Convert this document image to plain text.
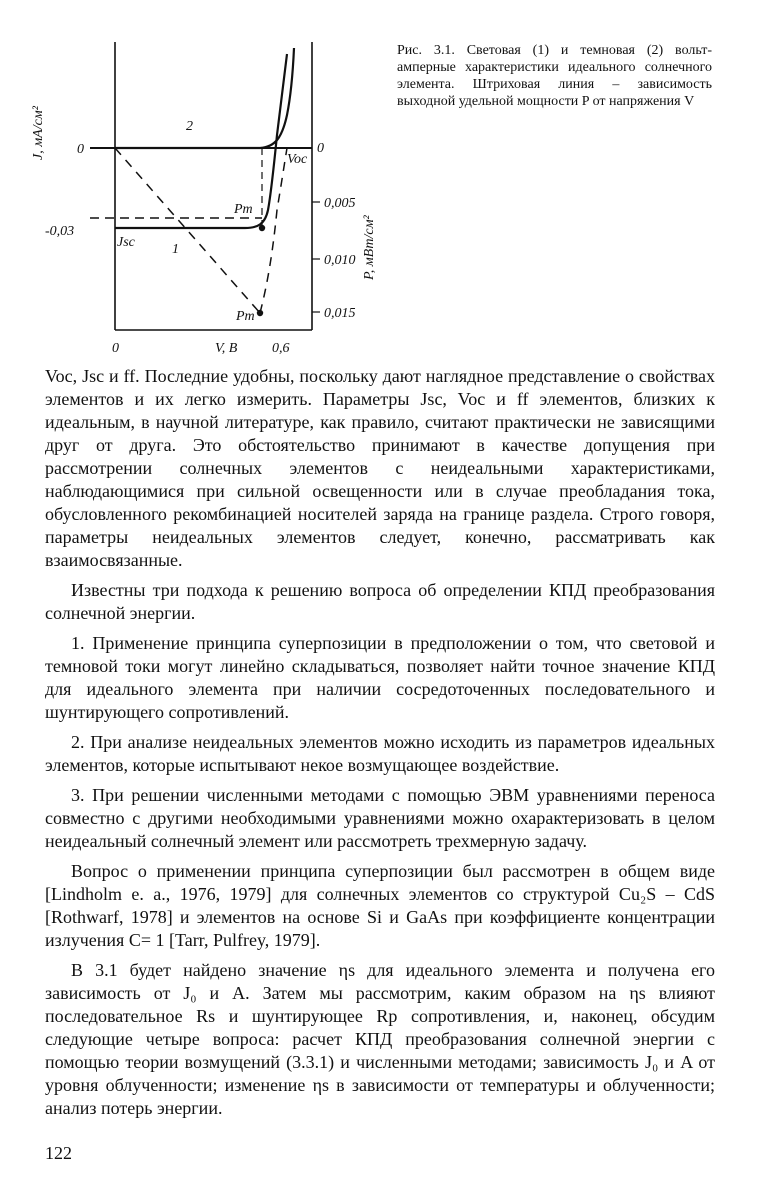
J, мА/см²
P, мВт/см²
V, В
0	0
-0,03
Jsc
Voc
Pm
Pm
1
2
0,005
0,010
0,015
0	0,6
Рис. 3.1. Световая (1) и темновая (2) вольт-амперные характеристики идеального солнечного элемента. Штриховая линия – зависимость выходной удельной мощности P от напряжения V

Voc, Jsc и ff. Последние удобны, поскольку дают наглядное представление о свойствах элементов и их легко измерить. Параметры Jsc, Voc и ff элементов, близких к идеальным, в научной литературе, как правило, считают практически не зависящими друг от друга. Это обстоятельство принимают в качестве допущения при рассмотрении солнечных элементов с неидеальными характеристиками, наблюдающимися при сильной освещенности или в случае преобладания тока, обусловленного рекомбинацией носителей заряда на границе раздела. Строго говоря, параметры неидеальных элементов следует, конечно, рассматривать как взаимосвязанные.

Известны три подхода к решению вопроса об определении КПД преобразования солнечной энергии.

1. Применение принципа суперпозиции в предположении о том, что световой и темновой токи могут линейно складываться, позволяет найти точное значение КПД для идеального элемента при наличии сосредоточенных последовательного и шунтирующего сопротивлений.

2. При анализе неидеальных элементов можно исходить из параметров идеальных элементов, которые испытывают некое возмущающее воздействие.

3. При решении численными методами с помощью ЭВМ уравнениями переноса совместно с другими необходимыми уравнениями можно охарактеризовать в целом неидеальный солнечный элемент или рассмотреть трехмерную задачу.

Вопрос о применении принципа суперпозиции был рассмотрен в общем виде [Lindholm e. a., 1976, 1979] для солнечных элементов со структурой Cu₂S – CdS [Rothwarf, 1978] и элементов на основе Si и GaAs при коэффициенте концентрации излучения C= 1 [Tarr, Pulfrey, 1979].

В 3.1 будет найдено значение ηs для идеального элемента и получена его зависимость от J₀ и A. Затем мы рассмотрим, каким образом на ηs влияют последовательное Rs и шунтирующее Rp сопротивления, и, наконец, обсудим следующие четыре вопроса: расчет КПД преобразования солнечной энергии с помощью теории возмущений (3.3.1) и численными методами; зависимость J₀ и A от уровня облученности; изменение ηs в зависимости от температуры и облученности; анализ потерь энергии.

122
